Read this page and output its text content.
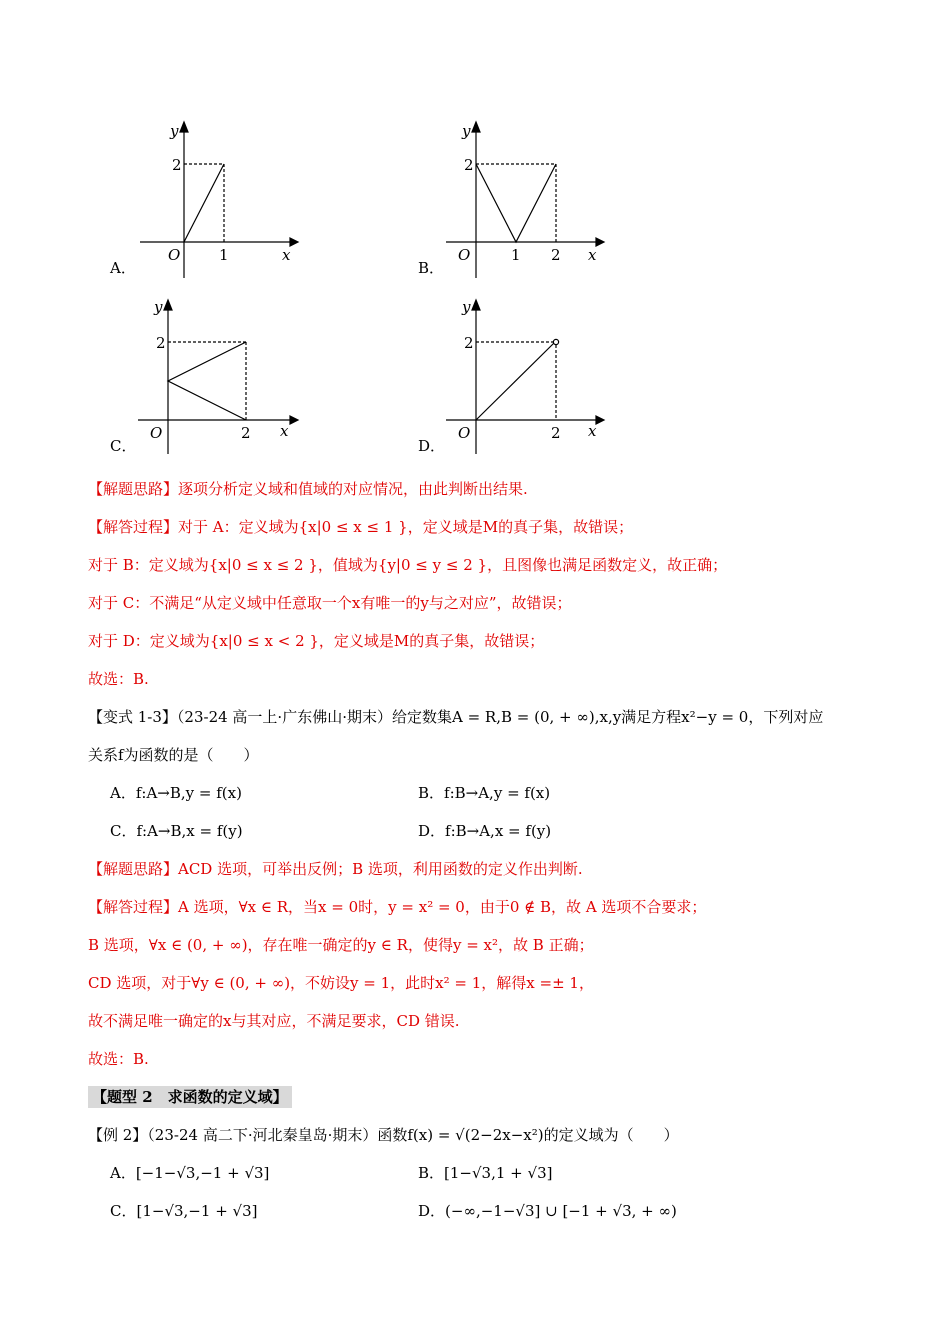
y
2
O	1	x
A．
y
2
O	1 2 x
B．
y
2
O	2 x
C．
y
2
O	2 x
D．
【解题思路】逐项分析定义域和值域的对应情况，由此判断出结果.
【解答过程】对于 A：定义域为{x|0 ≤ x ≤ 1 }，定义域是M的真子集，故错误；
对于 B：定义域为{x|0 ≤ x ≤ 2 }，值域为{y|0 ≤ y ≤ 2 }，且图像也满足函数定义，故正确；
对于 C：不满足“从定义域中任意取一个x有唯一的y与之对应”，故错误；
对于 D：定义域为{x|0 ≤ x < 2 }，定义域是M的真子集，故错误；
故选：B.
【变式 1-3】（23-24 高一上·广东佛山·期末）给定数集A = R,B = (0, + ∞),x,y满足方程x²−y = 0，下列对应
关系f为函数的是（　　）
A．f:A→B,y = f(x)	B．f:B→A,y = f(x)
C．f:A→B,x = f(y)	D．f:B→A,x = f(y)
【解题思路】ACD 选项，可举出反例；B 选项，利用函数的定义作出判断.
【解答过程】A 选项，∀x ∈ R，当x = 0时，y = x² = 0，由于0 ∉ B，故 A 选项不合要求；
B 选项，∀x ∈ (0, + ∞)，存在唯一确定的y ∈ R，使得y = x²，故 B 正确；
CD 选项，对于∀y ∈ (0, + ∞)，不妨设y = 1，此时x² = 1，解得x =± 1，
故不满足唯一确定的x与其对应，不满足要求，CD 错误.
故选：B.
【题型 2　求函数的定义域】
【例 2】（23-24 高二下·河北秦皇岛·期末）函数f(x) = √(2−2x−x²)的定义域为（　　）
A．[−1−√3,−1 + √3]	B．[1−√3,1 + √3]
C．[1−√3,−1 + √3]	D．(−∞,−1−√3] ∪ [−1 + √3, + ∞)
